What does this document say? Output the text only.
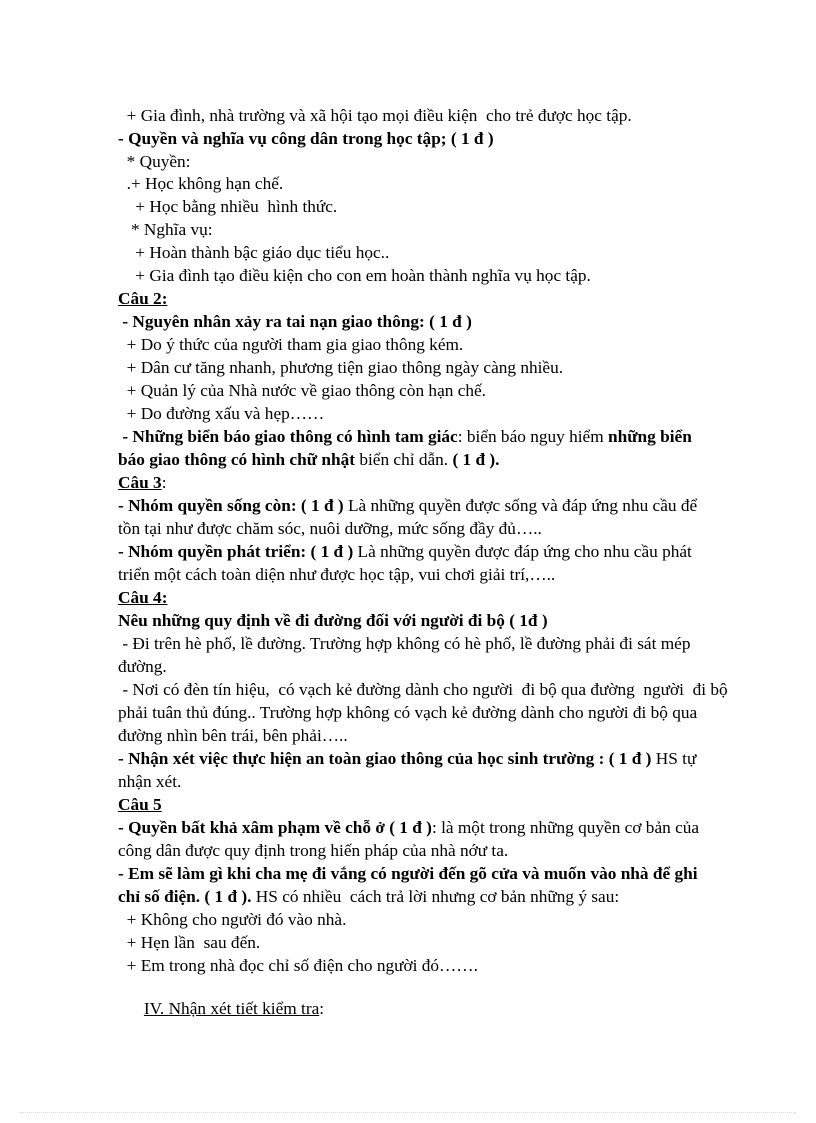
+ Gia đình, nhà trường và xã hội tạo mọi điều kiện  cho trẻ được học tập.
- Quyền và nghĩa vụ công dân trong học tập; ( 1 đ )
* Quyền:
.+ Học không hạn chế.
+ Học bằng nhiều  hình thức.
* Nghĩa vụ:
+ Hoàn thành bậc giáo dục tiểu học..
+ Gia đình tạo điều kiện cho con em hoàn thành nghĩa vụ học tập.
Câu 2:
- Nguyên nhân xảy ra tai nạn giao thông: ( 1 đ )
+ Do ý thức của người tham gia giao thông kém.
+ Dân cư tăng nhanh, phương tiện giao thông ngày càng nhiều.
+ Quản lý của Nhà nước về giao thông còn hạn chế.
+ Do đường xấu và hẹp……
- Những biển báo giao thông có hình tam giác: biển báo nguy hiểm những biển
báo giao thông có hình chữ nhật biển chỉ dẫn. ( 1 đ ).
Câu 3:
- Nhóm quyền sống còn: ( 1 đ ) Là những quyền được sống và đáp ứng nhu cầu để
tồn tại như được chăm sóc, nuôi dưỡng, mức sống đầy đủ…..
- Nhóm quyền phát triển: ( 1 đ ) Là những quyền được đáp ứng cho nhu cầu phát
triển một cách toàn diện như được học tập, vui chơi giải trí,…..
Câu 4:
Nêu những quy định về đi đường đối với người đi bộ ( 1đ )
- Đi trên hè phố, lề đường. Trường hợp không có hè phố, lề đường phải đi sát mép
đường.
- Nơi có đèn tín hiệu,  có vạch kẻ đường dành cho người  đi bộ qua đường  người  đi bộ
phải tuân thủ đúng.. Trường hợp không có vạch kẻ đường dành cho người đi bộ qua
đường nhìn bên trái, bên phải…..
- Nhận xét việc thực hiện an toàn giao thông của học sinh trường : ( 1 đ ) HS tự
nhận xét.
Câu 5
- Quyền bất khả xâm phạm về chỗ ở ( 1 đ ): là một trong những quyền cơ bản của
công dân được quy định trong hiến pháp của nhà nớư ta.
- Em sẽ làm gì khi cha mẹ đi vắng có người đến gõ cửa và muốn vào nhà để ghi
chỉ số điện. ( 1 đ ). HS có nhiều  cách trả lời nhưng cơ bản những ý sau:
+ Không cho người đó vào nhà.
+ Hẹn lần  sau đến.
+ Em trong nhà đọc chỉ số điện cho người đó…….

IV. Nhận xét tiết kiểm tra:
